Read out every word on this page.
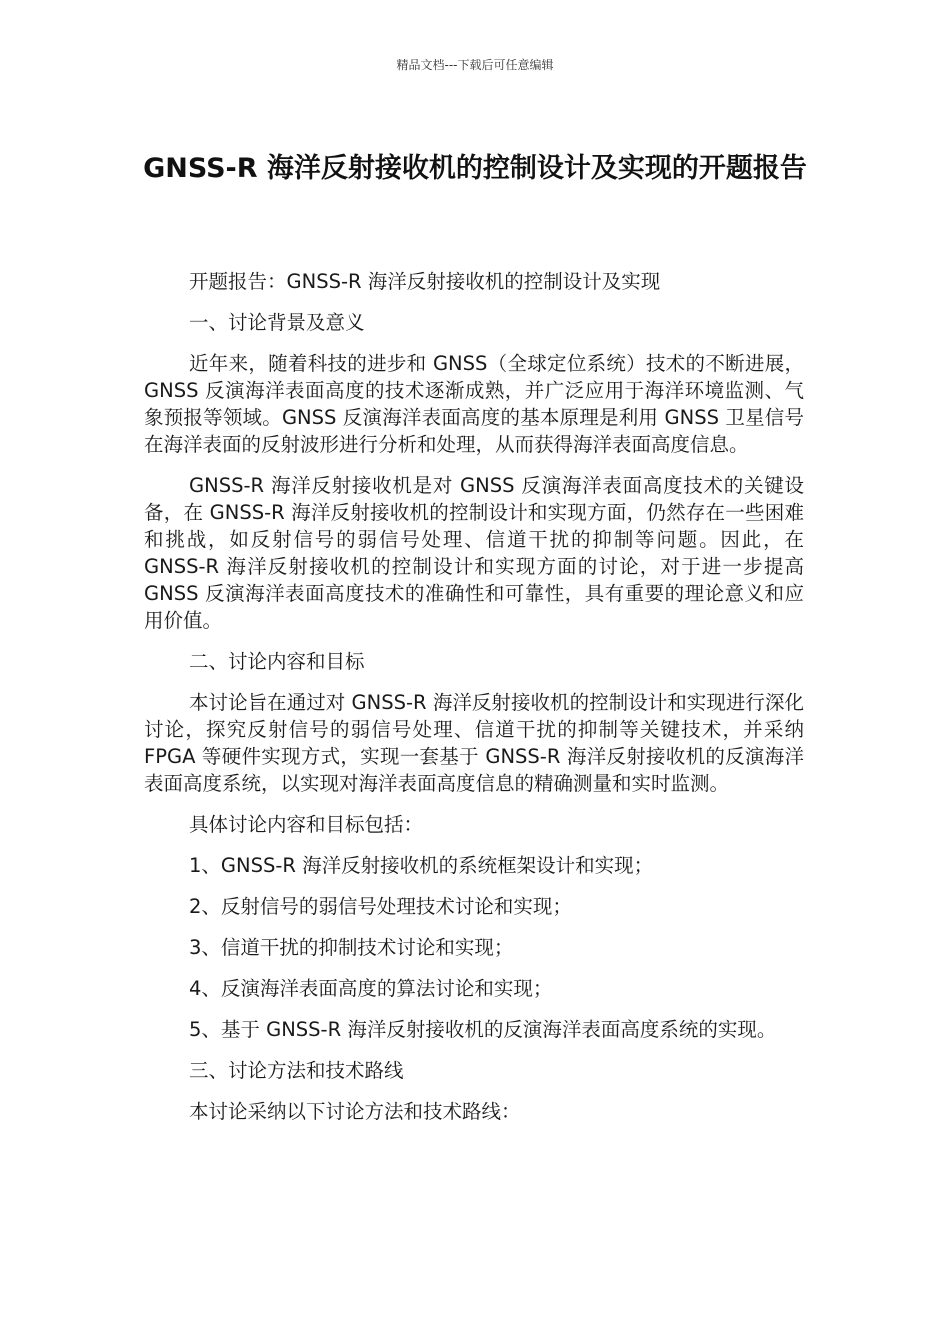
精品文档---下载后可任意编辑
GNSS-R 海洋反射接收机的控制设计及实现的开题报告

开题报告：GNSS-R 海洋反射接收机的控制设计及实现

一、讨论背景及意义

近年来，随着科技的进步和 GNSS（全球定位系统）技术的不断进展，GNSS 反演海洋表面高度的技术逐渐成熟，并广泛应用于海洋环境监测、气象预报等领域。GNSS 反演海洋表面高度的基本原理是利用 GNSS 卫星信号在海洋表面的反射波形进行分析和处理，从而获得海洋表面高度信息。

GNSS-R 海洋反射接收机是对 GNSS 反演海洋表面高度技术的关键设备，在 GNSS-R 海洋反射接收机的控制设计和实现方面，仍然存在一些困难和挑战，如反射信号的弱信号处理、信道干扰的抑制等问题。因此，在 GNSS-R 海洋反射接收机的控制设计和实现方面的讨论，对于进一步提高 GNSS 反演海洋表面高度技术的准确性和可靠性，具有重要的理论意义和应用价值。

二、讨论内容和目标

本讨论旨在通过对 GNSS-R 海洋反射接收机的控制设计和实现进行深化讨论，探究反射信号的弱信号处理、信道干扰的抑制等关键技术，并采纳 FPGA 等硬件实现方式，实现一套基于 GNSS-R 海洋反射接收机的反演海洋表面高度系统，以实现对海洋表面高度信息的精确测量和实时监测。

具体讨论内容和目标包括：

1、GNSS-R 海洋反射接收机的系统框架设计和实现；

2、反射信号的弱信号处理技术讨论和实现；

3、信道干扰的抑制技术讨论和实现；

4、反演海洋表面高度的算法讨论和实现；

5、基于 GNSS-R 海洋反射接收机的反演海洋表面高度系统的实现。

三、讨论方法和技术路线

本讨论采纳以下讨论方法和技术路线：
